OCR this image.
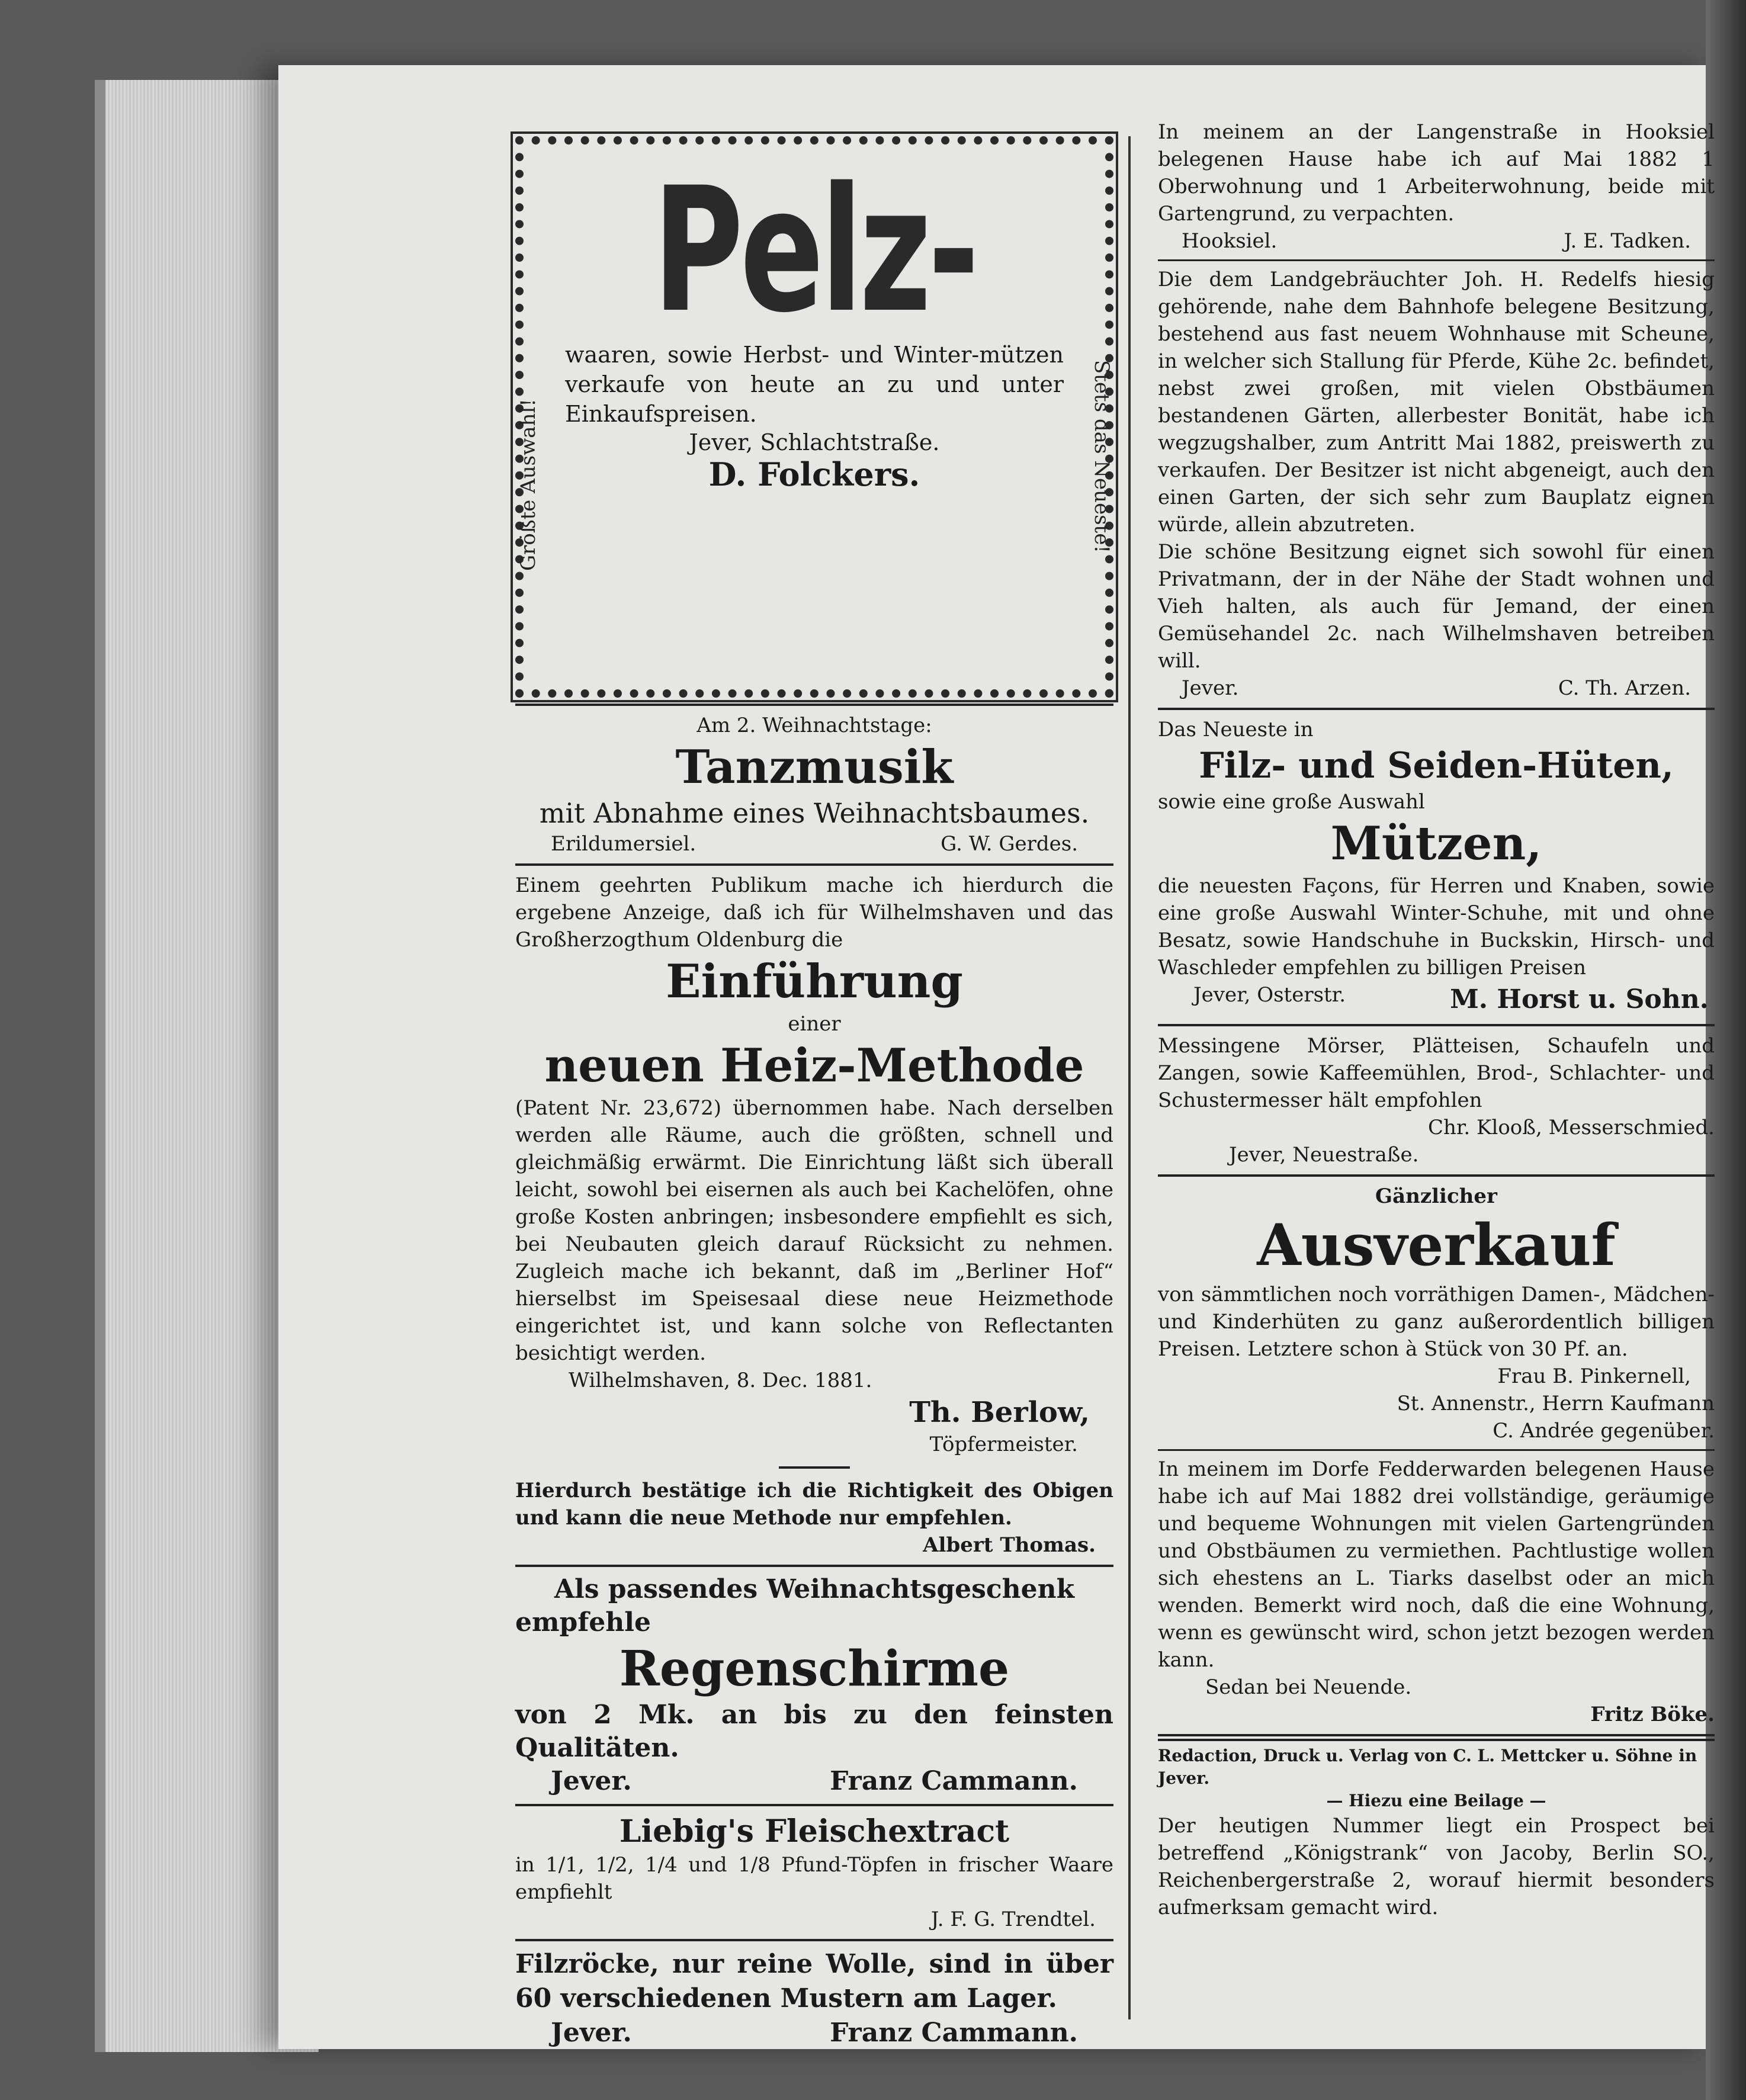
Größte Auswahl!	Stets das Neueste!
Pelz-

waaren, sowie Herbst- und Winter-mützen verkaufe von heute an zu und unter Einkaufspreisen.

Jever, Schlachtstraße.

D. Folckers.

Am 2. Weihnachtstage:

Tanzmusik

mit Abnahme eines Weihnachtsbaumes.

Erildumersiel.	G. W. Gerdes.

Einem geehrten Publikum mache ich hierdurch die ergebene Anzeige, daß ich für Wilhelmshaven und das Großherzogthum Oldenburg die

Einführung

einer

neuen Heiz-Methode

(Patent Nr. 23,672) übernommen habe. Nach derselben werden alle Räume, auch die größten, schnell und gleichmäßig erwärmt. Die Einrichtung läßt sich überall leicht, sowohl bei eisernen als auch bei Kachelöfen, ohne große Kosten anbringen; insbesondere empfiehlt es sich, bei Neubauten gleich darauf Rücksicht zu nehmen. Zugleich mache ich bekannt, daß im „Berliner Hof“ hierselbst im Speisesaal diese neue Heizmethode eingerichtet ist, und kann solche von Reflectanten besichtigt werden.

Wilhelmshaven, 8. Dec. 1881.

Th. Berlow,

Töpfermeister.

Hierdurch bestätige ich die Richtigkeit des Obigen und kann die neue Methode nur empfehlen.

Albert Thomas.

Als passendes Weihnachtsgeschenk

empfehle

Regenschirme

von 2 Mk. an bis zu den feinsten Qualitäten.

Jever.	Franz Cammann.

Liebig's Fleischextract

in 1/1, 1/2, 1/4 und 1/8 Pfund-Töpfen in frischer Waare empfiehlt

J. F. G. Trendtel.

Filzröcke, nur reine Wolle, sind in über 60 verschiedenen Mustern am Lager.

Jever.	Franz Cammann.

In meinem an der Langenstraße in Hooksiel belegenen Hause habe ich auf Mai 1882 1 Oberwohnung und 1 Arbeiterwohnung, beide mit Gartengrund, zu verpachten.

Hooksiel.	J. E. Tadken.

Die dem Landgebräuchter Joh. H. Redelfs hiesig gehörende, nahe dem Bahnhofe belegene Besitzung, bestehend aus fast neuem Wohnhause mit Scheune, in welcher sich Stallung für Pferde, Kühe 2c. befindet, nebst zwei großen, mit vielen Obstbäumen bestandenen Gärten, allerbester Bonität, habe ich wegzugshalber, zum Antritt Mai 1882, preiswerth zu verkaufen. Der Besitzer ist nicht abgeneigt, auch den einen Garten, der sich sehr zum Bauplatz eignen würde, allein abzutreten.

Die schöne Besitzung eignet sich sowohl für einen Privatmann, der in der Nähe der Stadt wohnen und Vieh halten, als auch für Jemand, der einen Gemüsehandel 2c. nach Wilhelmshaven betreiben will.

Jever.	C. Th. Arzen.

Das Neueste in

Filz- und Seiden-Hüten,

sowie eine große Auswahl

Mützen,

die neuesten Façons, für Herren und Knaben, sowie eine große Auswahl Winter-Schuhe, mit und ohne Besatz, sowie Handschuhe in Buckskin, Hirsch- und Waschleder empfehlen zu billigen Preisen

Jever, Osterstr.	M. Horst u. Sohn.

Messingene Mörser, Plätteisen, Schaufeln und Zangen, sowie Kaffeemühlen, Brod-, Schlachter- und Schustermesser hält empfohlen

Chr. Klooß, Messerschmied.

Jever, Neuestraße.

Gänzlicher

Ausverkauf

von sämmtlichen noch vorräthigen Damen-, Mädchen- und Kinderhüten zu ganz außerordentlich billigen Preisen. Letztere schon à Stück von 30 Pf. an.

Frau B. Pinkernell,

St. Annenstr., Herrn Kaufmann

C. Andrée gegenüber.

In meinem im Dorfe Fedderwarden belegenen Hause habe ich auf Mai 1882 drei vollständige, geräumige und bequeme Wohnungen mit vielen Gartengründen und Obstbäumen zu vermiethen. Pachtlustige wollen sich ehestens an L. Tiarks daselbst oder an mich wenden. Bemerkt wird noch, daß die eine Wohnung, wenn es gewünscht wird, schon jetzt bezogen werden kann.

Sedan bei Neuende.

Fritz Böke.

Redaction, Druck u. Verlag von C. L. Mettcker u. Söhne in Jever.

— Hiezu eine Beilage —

Der heutigen Nummer liegt ein Prospect bei betreffend „Königstrank“ von Jacoby, Berlin SO., Reichenbergerstraße 2, worauf hiermit besonders aufmerksam gemacht wird.
